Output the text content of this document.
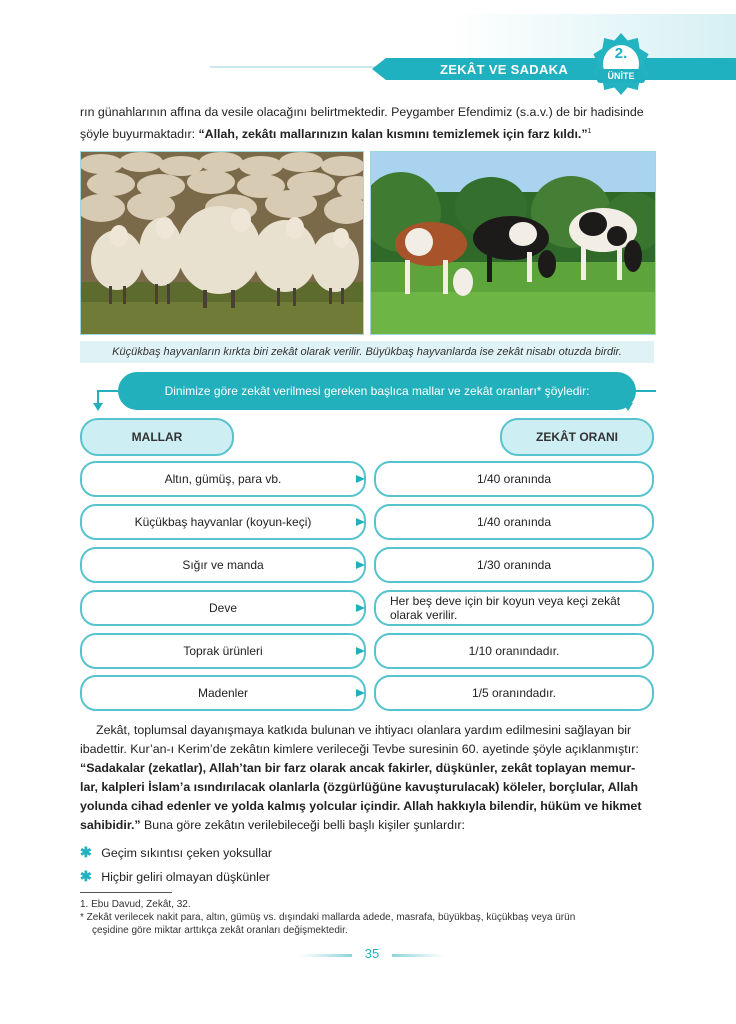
ZEKÂT VE SADAKA
2.
ÜNİTE
rın günahlarının affına da vesile olacağını belirtmektedir. Peygamber Efendimiz (s.a.v.) de bir hadisinde
şöyle buyurmaktadır: “Allah, zekâtı mallarınızın kalan kısmını temizlemek için farz kıldı.”$^1$
Küçükbaş hayvanların kırkta biri zekât olarak verilir. Büyükbaş hayvanlarda ise zekât nisabı otuzda birdir.
Dinimize göre zekât verilmesi gereken başlıca mallar ve zekât oranları* şöyledir:
MALLAR	ZEKÂT ORANI
Altın, gümüş, para vb.	1/40 oranında
Küçükbaş hayvanlar (koyun-keçi)	1/40 oranında
Sığır ve manda	1/30 oranında
Deve	Her beş deve için bir koyun veya keçi zekât olarak verilir.
Toprak ürünleri	1/10 oranındadır.
Madenler	1/5 oranındadır.
Zekât, toplumsal dayanışmaya katkıda bulunan ve ihtiyacı olanlara yardım edilmesini sağlayan bir
ibadettir. Kur’an-ı Kerim’de zekâtın kimlere verileceği Tevbe suresinin 60. ayetinde şöyle açıklanmıştır:
“Sadakalar (zekatlar), Allah’tan bir farz olarak ancak fakirler, düşkünler, zekât toplayan memur-
lar, kalpleri İslam’a ısındırılacak olanlarla (özgürlüğüne kavuşturulacak) köleler, borçlular, Allah
yolunda cihad edenler ve yolda kalmış yolcular içindir. Allah hakkıyla bilendir, hüküm ve hikmet
sahibidir.” Buna göre zekâtın verilebileceği belli başlı kişiler şunlardır:
✱ Geçim sıkıntısı çeken yoksullar
✱ Hiçbir geliri olmayan düşkünler
1. Ebu Davud, Zekât, 32.
* Zekât verilecek nakit para, altın, gümüş vs. dışındaki mallarda adede, masrafa, büyükbaş, küçükbaş veya ürün
çeşidine göre miktar arttıkça zekât oranları değişmektedir.
35
